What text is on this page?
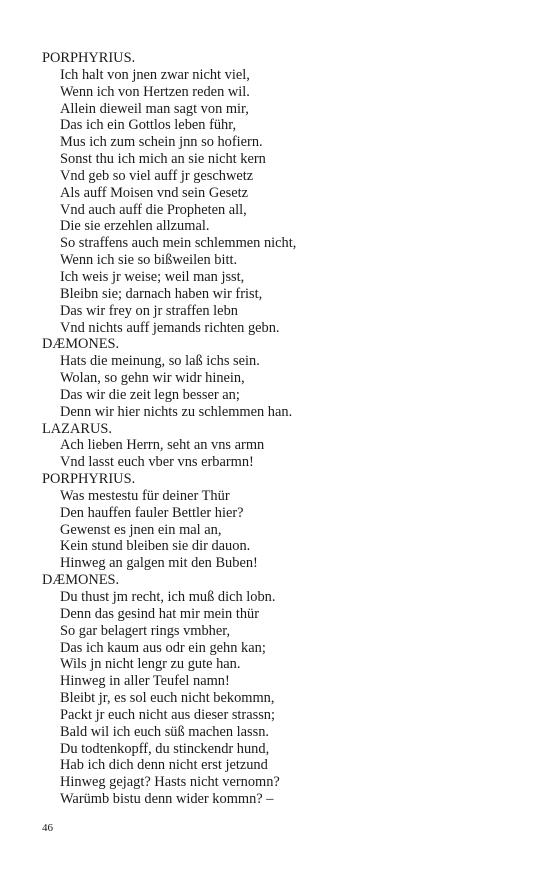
PORPHYRIUS.
Ich halt von jnen zwar nicht viel,
Wenn ich von Hertzen reden wil.
Allein dieweil man sagt von mir,
Das ich ein Gottlos leben führ,
Mus ich zum schein jnn so hofiern.
Sonst thu ich mich an sie nicht kern
Vnd geb so viel auff jr geschwetz
Als auff Moisen vnd sein Gesetz
Vnd auch auff die Propheten all,
Die sie erzehlen allzumal.
So straffens auch mein schlemmen nicht,
Wenn ich sie so bißweilen bitt.
Ich weis jr weise; weil man jsst,
Bleibn sie; darnach haben wir frist,
Das wir frey on jr straffen lebn
Vnd nichts auff jemands richten gebn.
DÆMONES.
Hats die meinung, so laß ichs sein.
Wolan, so gehn wir widr hinein,
Das wir die zeit legn besser an;
Denn wir hier nichts zu schlemmen han.
LAZARUS.
Ach lieben Herrn, seht an vns armn
Vnd lasst euch vber vns erbarmn!
PORPHYRIUS.
Was mestestu für deiner Thür
Den hauffen fauler Bettler hier?
Gewenst es jnen ein mal an,
Kein stund bleiben sie dir dauon.
Hinweg an galgen mit den Buben!
DÆMONES.
Du thust jm recht, ich muß dich lobn.
Denn das gesind hat mir mein thür
So gar belagert rings vmbher,
Das ich kaum aus odr ein gehn kan;
Wils jn nicht lengr zu gute han.
Hinweg in aller Teufel namn!
Bleibt jr, es sol euch nicht bekommn,
Packt jr euch nicht aus dieser strassn;
Bald wil ich euch süß machen lassn.
Du todtenkopff, du stinckendr hund,
Hab ich dich denn nicht erst jetzund
Hinweg gejagt? Hasts nicht vernomn?
Warümb bistu denn wider kommn? –
46
